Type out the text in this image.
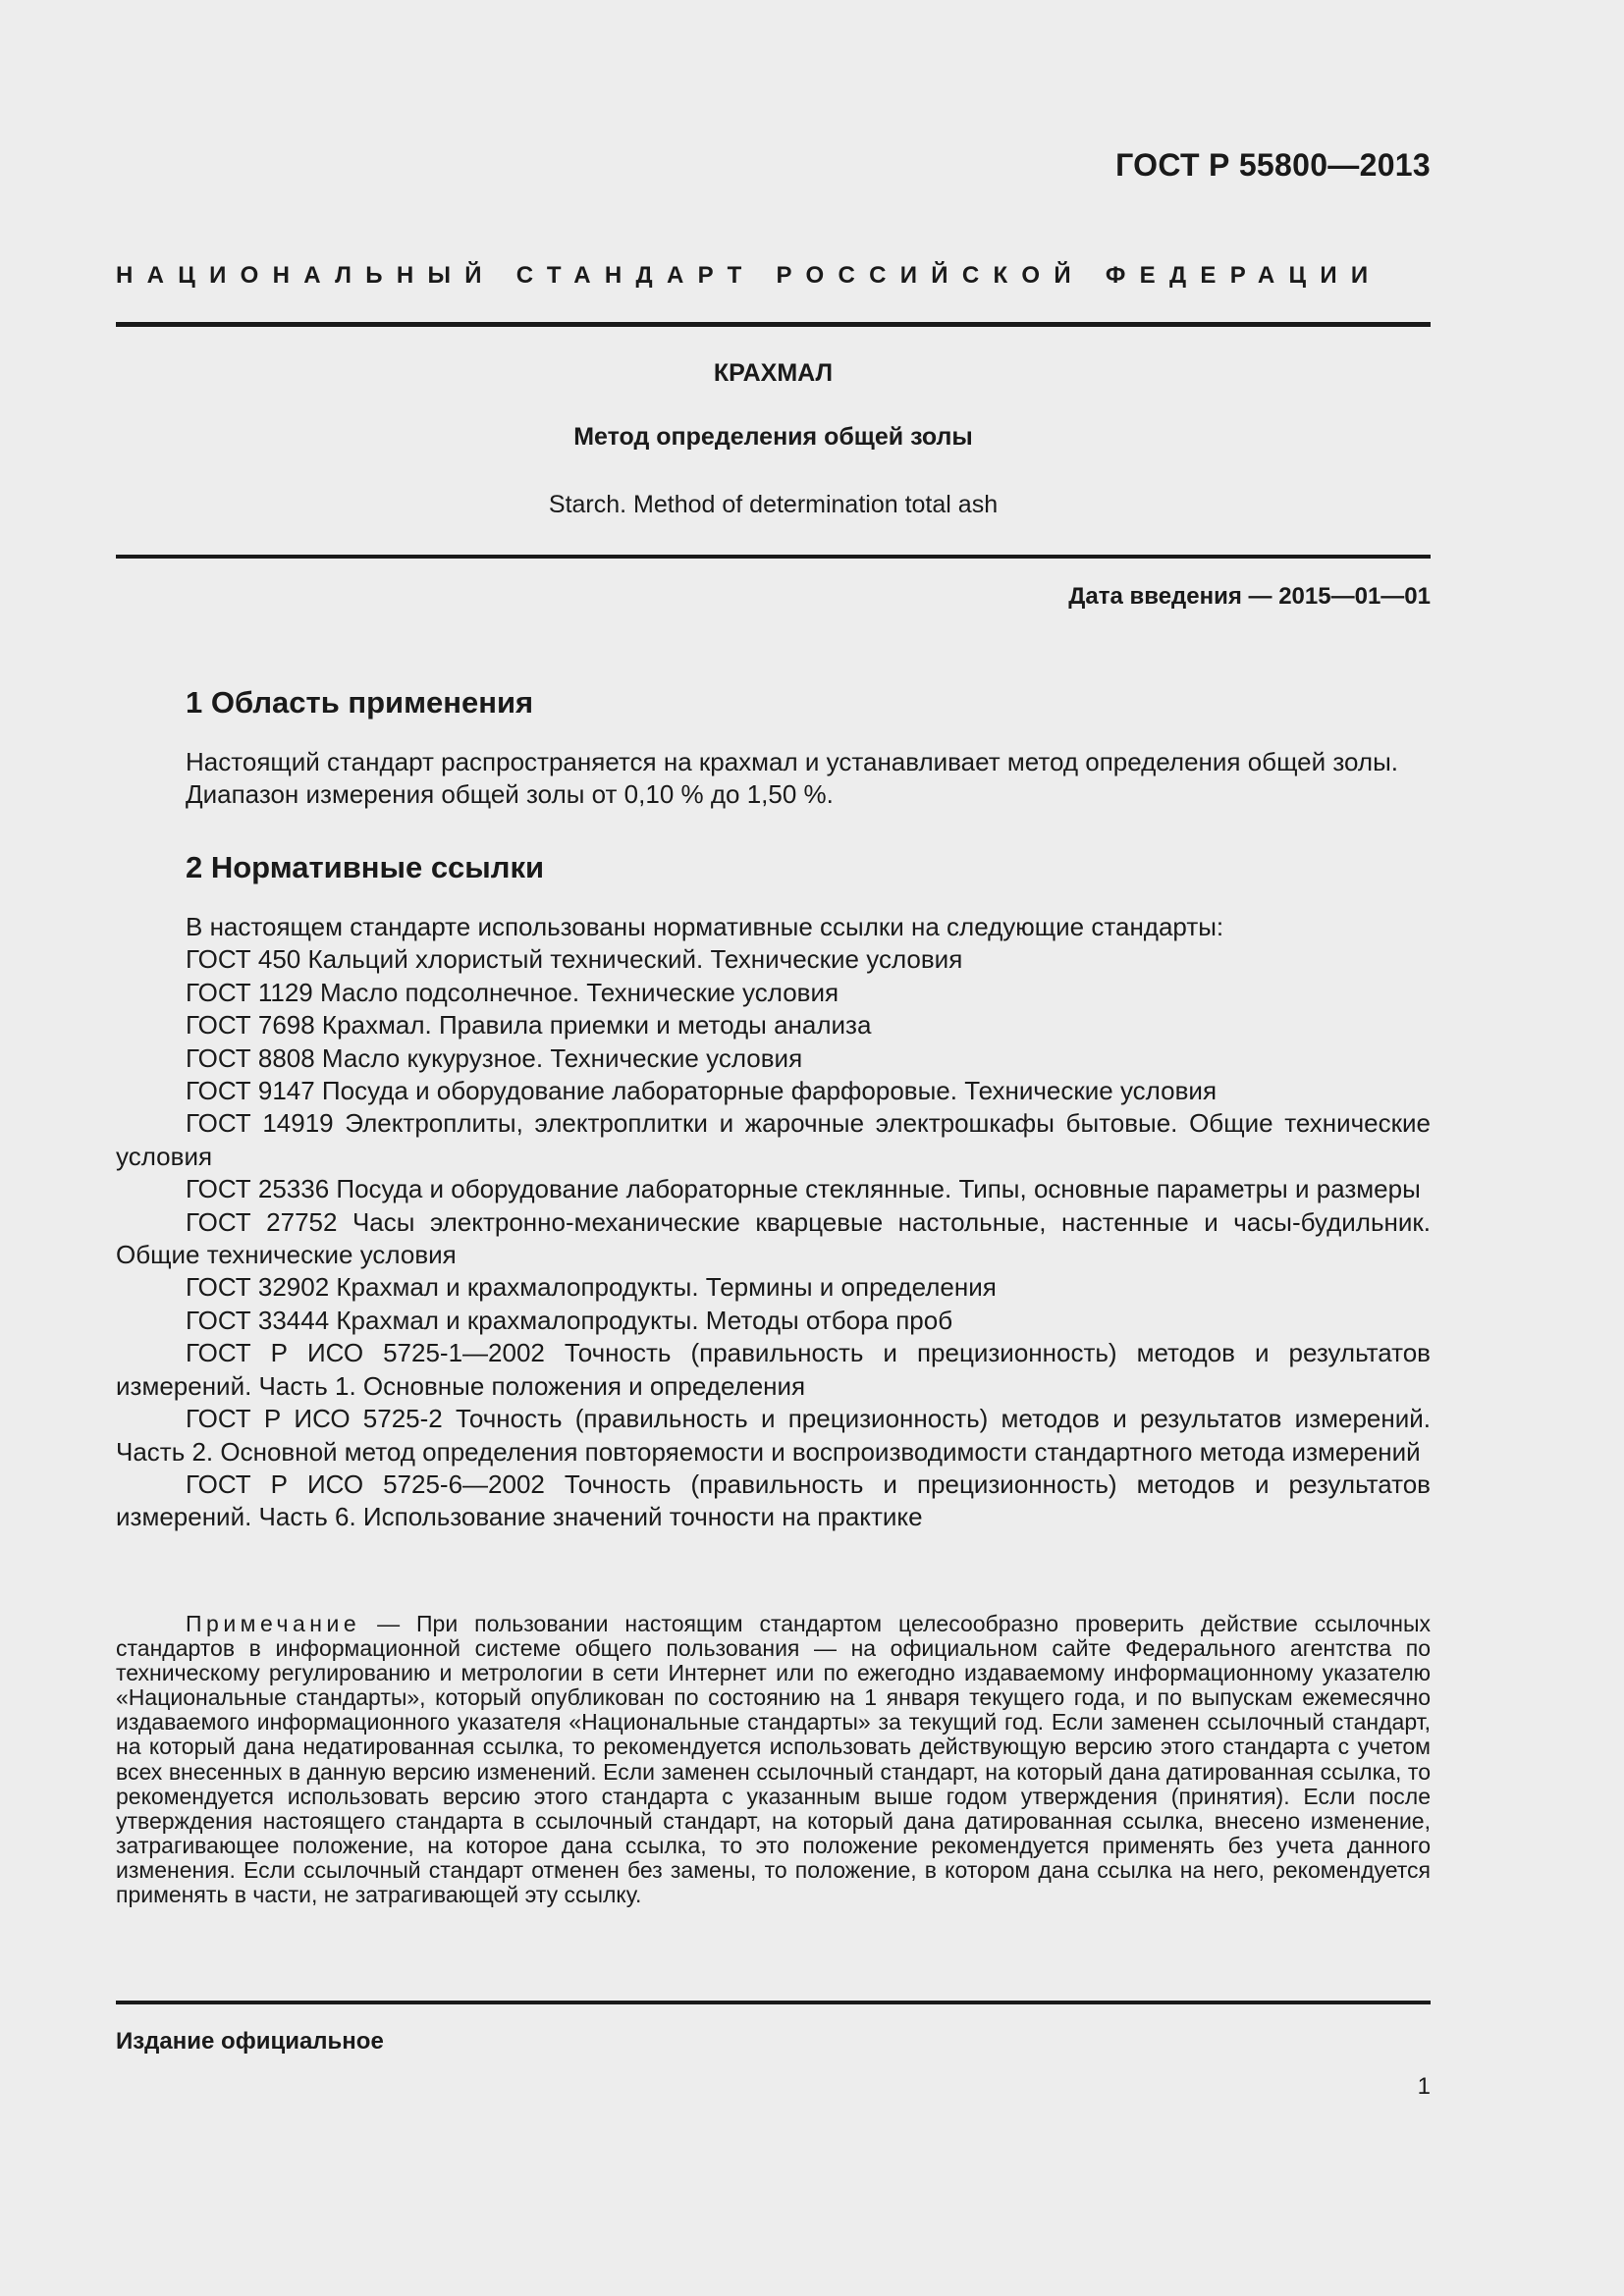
ГОСТ Р 55800—2013
НАЦИОНАЛЬНЫЙ СТАНДАРТ РОССИЙСКОЙ ФЕДЕРАЦИИ
КРАХМАЛ
Метод определения общей золы
Starch. Method of determination total ash
Дата введения — 2015—01—01
1 Область применения
Настоящий стандарт распространяется на крахмал и устанавливает метод определения общей золы. Диапазон измерения общей золы от 0,10 % до 1,50 %.
2 Нормативные ссылки
В настоящем стандарте использованы нормативные ссылки на следующие стандарты:
ГОСТ 450 Кальций хлористый технический. Технические условия
ГОСТ 1129 Масло подсолнечное. Технические условия
ГОСТ 7698 Крахмал. Правила приемки и методы анализа
ГОСТ 8808 Масло кукурузное. Технические условия
ГОСТ 9147 Посуда и оборудование лабораторные фарфоровые. Технические условия
ГОСТ 14919 Электроплиты, электроплитки и жарочные электрошкафы бытовые. Общие технические условия
ГОСТ 25336 Посуда и оборудование лабораторные стеклянные. Типы, основные параметры и размеры
ГОСТ 27752 Часы электронно-механические кварцевые настольные, настенные и часы-будильник. Общие технические условия
ГОСТ 32902 Крахмал и крахмалопродукты. Термины и определения
ГОСТ 33444 Крахмал и крахмалопродукты. Методы отбора проб
ГОСТ Р ИСО 5725-1—2002 Точность (правильность и прецизионность) методов и результатов измерений. Часть 1. Основные положения и определения
ГОСТ Р ИСО 5725-2 Точность (правильность и прецизионность) методов и результатов измерений. Часть 2. Основной метод определения повторяемости и воспроизводимости стандартного метода измерений
ГОСТ Р ИСО 5725-6—2002 Точность (правильность и прецизионность) методов и результатов измерений. Часть 6. Использование значений точности на практике
Примечание — При пользовании настоящим стандартом целесообразно проверить действие ссылочных стандартов в информационной системе общего пользования — на официальном сайте Федерального агентства по техническому регулированию и метрологии в сети Интернет или по ежегодно издаваемому информационному указателю «Национальные стандарты», который опубликован по состоянию на 1 января текущего года, и по выпускам ежемесячно издаваемого информационного указателя «Национальные стандарты» за текущий год. Если заменен ссылочный стандарт, на который дана недатированная ссылка, то рекомендуется использовать действующую версию этого стандарта с учетом всех внесенных в данную версию изменений. Если заменен ссылочный стандарт, на который дана датированная ссылка, то рекомендуется использовать версию этого стандарта с указанным выше годом утверждения (принятия). Если после утверждения настоящего стандарта в ссылочный стандарт, на который дана датированная ссылка, внесено изменение, затрагивающее положение, на которое дана ссылка, то это положение рекомендуется применять без учета данного изменения. Если ссылочный стандарт отменен без замены, то положение, в котором дана ссылка на него, рекомендуется применять в части, не затрагивающей эту ссылку.
Издание официальное
1
